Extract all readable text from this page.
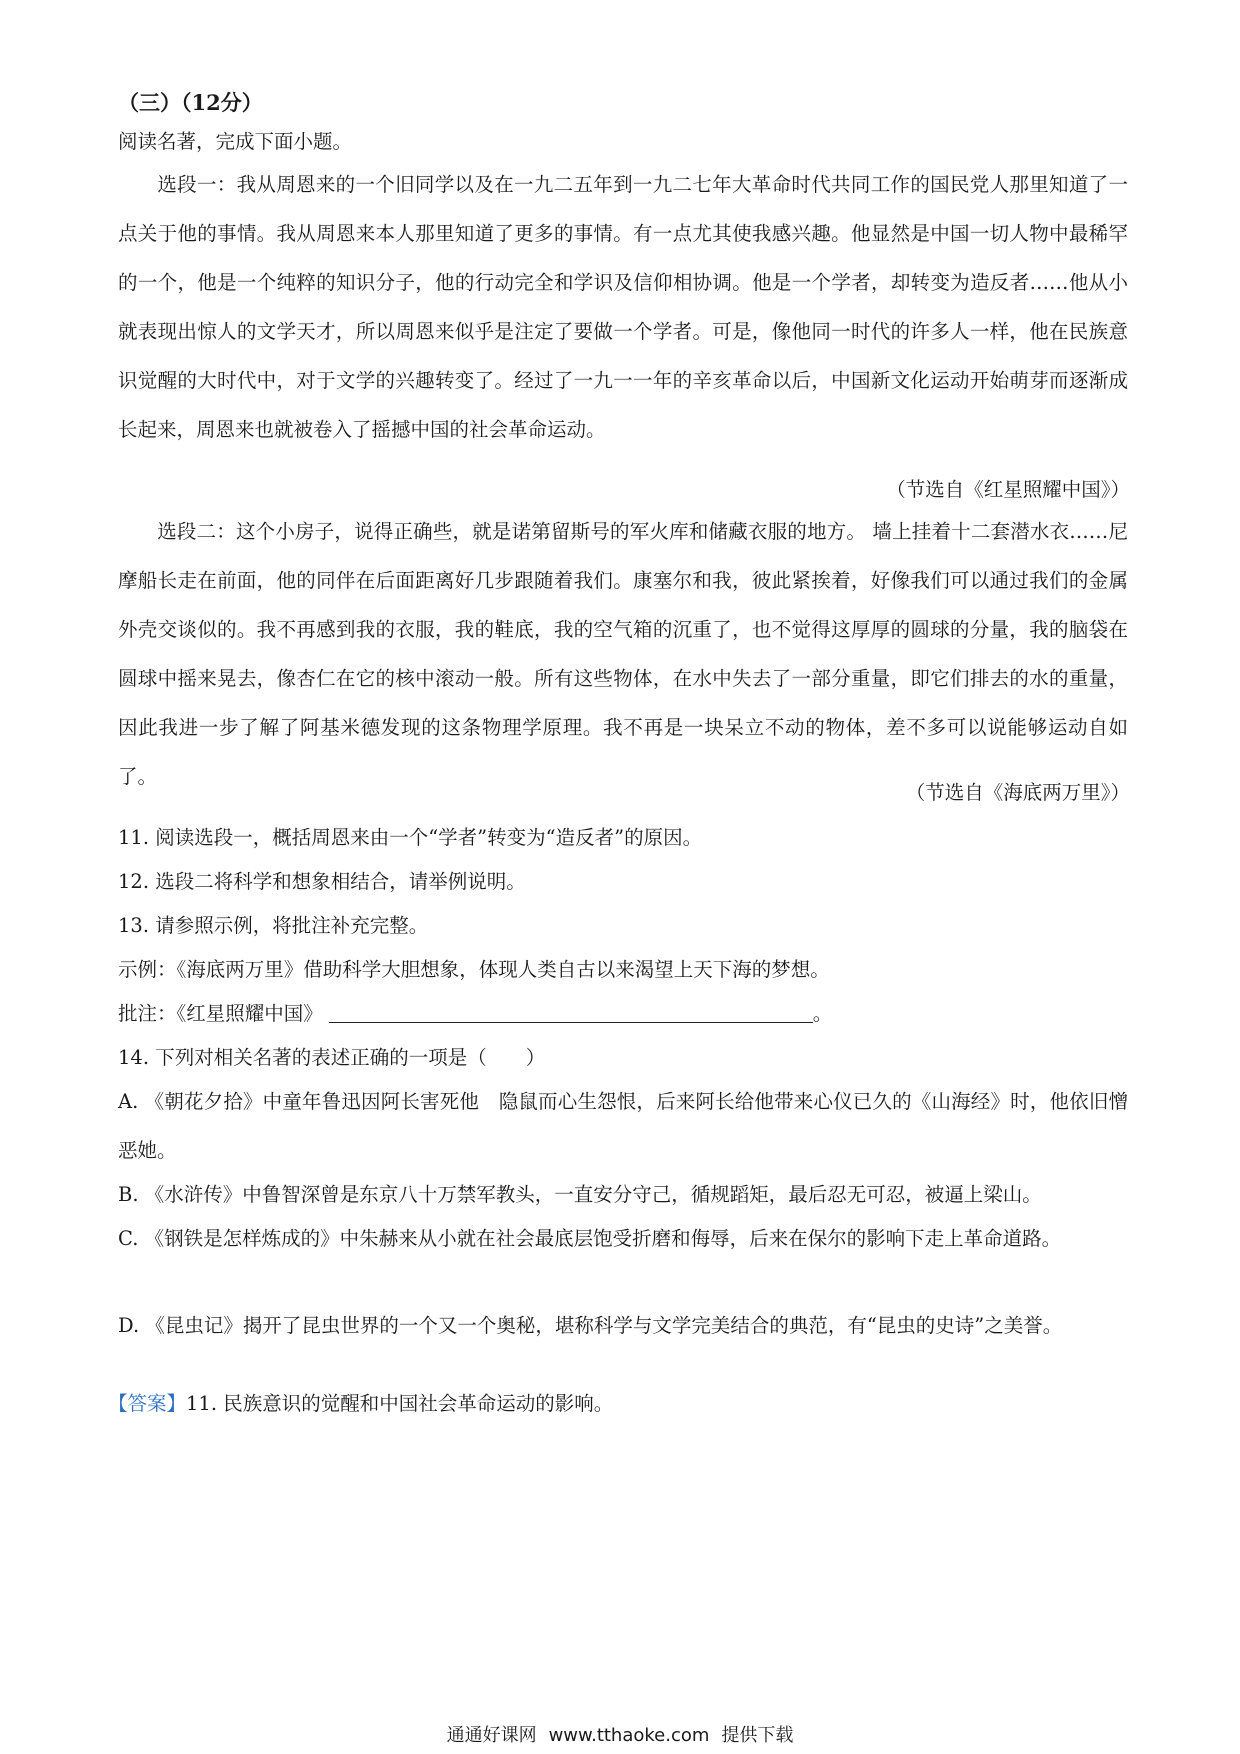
（三）（12分）
阅读名著，完成下面小题。
选段一：我从周恩来的一个旧同学以及在一九二五年到一九二七年大革命时代共同工作的国民党人那里知道了一点关于他的事情。我从周恩来本人那里知道了更多的事情。有一点尤其使我感兴趣。他显然是中国一切人物中最稀罕的一个，他是一个纯粹的知识分子，他的行动完全和学识及信仰相协调。他是一个学者，却转变为造反者……他从小就表现出惊人的文学天才，所以周恩来似乎是注定了要做一个学者。可是，像他同一时代的许多人一样，他在民族意识觉醒的大时代中，对于文学的兴趣转变了。经过了一九一一年的辛亥革命以后，中国新文化运动开始萌芽而逐渐成长起来，周恩来也就被卷入了摇撼中国的社会革命运动。
（节选自《红星照耀中国》）
选段二：这个小房子，说得正确些，就是诺第留斯号的军火库和储藏衣服的地方。 墙上挂着十二套潜水衣……尼摩船长走在前面，他的同伴在后面距离好几步跟随着我们。康塞尔和我，彼此紧挨着，好像我们可以通过我们的金属外壳交谈似的。我不再感到我的衣服，我的鞋底，我的空气箱的沉重了，也不觉得这厚厚的圆球的分量，我的脑袋在圆球中摇来晃去，像杏仁在它的核中滚动一般。所有这些物体，在水中失去了一部分重量，即它们排去的水的重量，因此我进一步了解了阿基米德发现的这条物理学原理。我不再是一块呆立不动的物体，差不多可以说能够运动自如了。
（节选自《海底两万里》）
11. 阅读选段一，概括周恩来由一个“学者”转变为“造反者”的原因。
12. 选段二将科学和想象相结合，请举例说明。
13. 请参照示例，将批注补充完整。
示例：《海底两万里》借助科学大胆想象，体现人类自古以来渴望上天下海的梦想。
批注：《红星照耀中国》	。
14. 下列对相关名著的表述正确的一项是（　　）
A. 《朝花夕拾》中童年鲁迅因阿长害死他　隐鼠而心生怨恨，后来阿长给他带来心仪已久的《山海经》时，他依旧憎恶她。
B. 《水浒传》中鲁智深曾是东京八十万禁军教头，一直安分守己，循规蹈矩，最后忍无可忍，被逼上梁山。
C. 《钢铁是怎样炼成的》中朱赫来从小就在社会最底层饱受折磨和侮辱，后来在保尔的影响下走上革命道路。
D. 《昆虫记》揭开了昆虫世界的一个又一个奥秘，堪称科学与文学完美结合的典范，有“昆虫的史诗”之美誉。
【答案】11. 民族意识的觉醒和中国社会革命运动的影响。
通通好课网 www.tthaoke.com 提供下载
